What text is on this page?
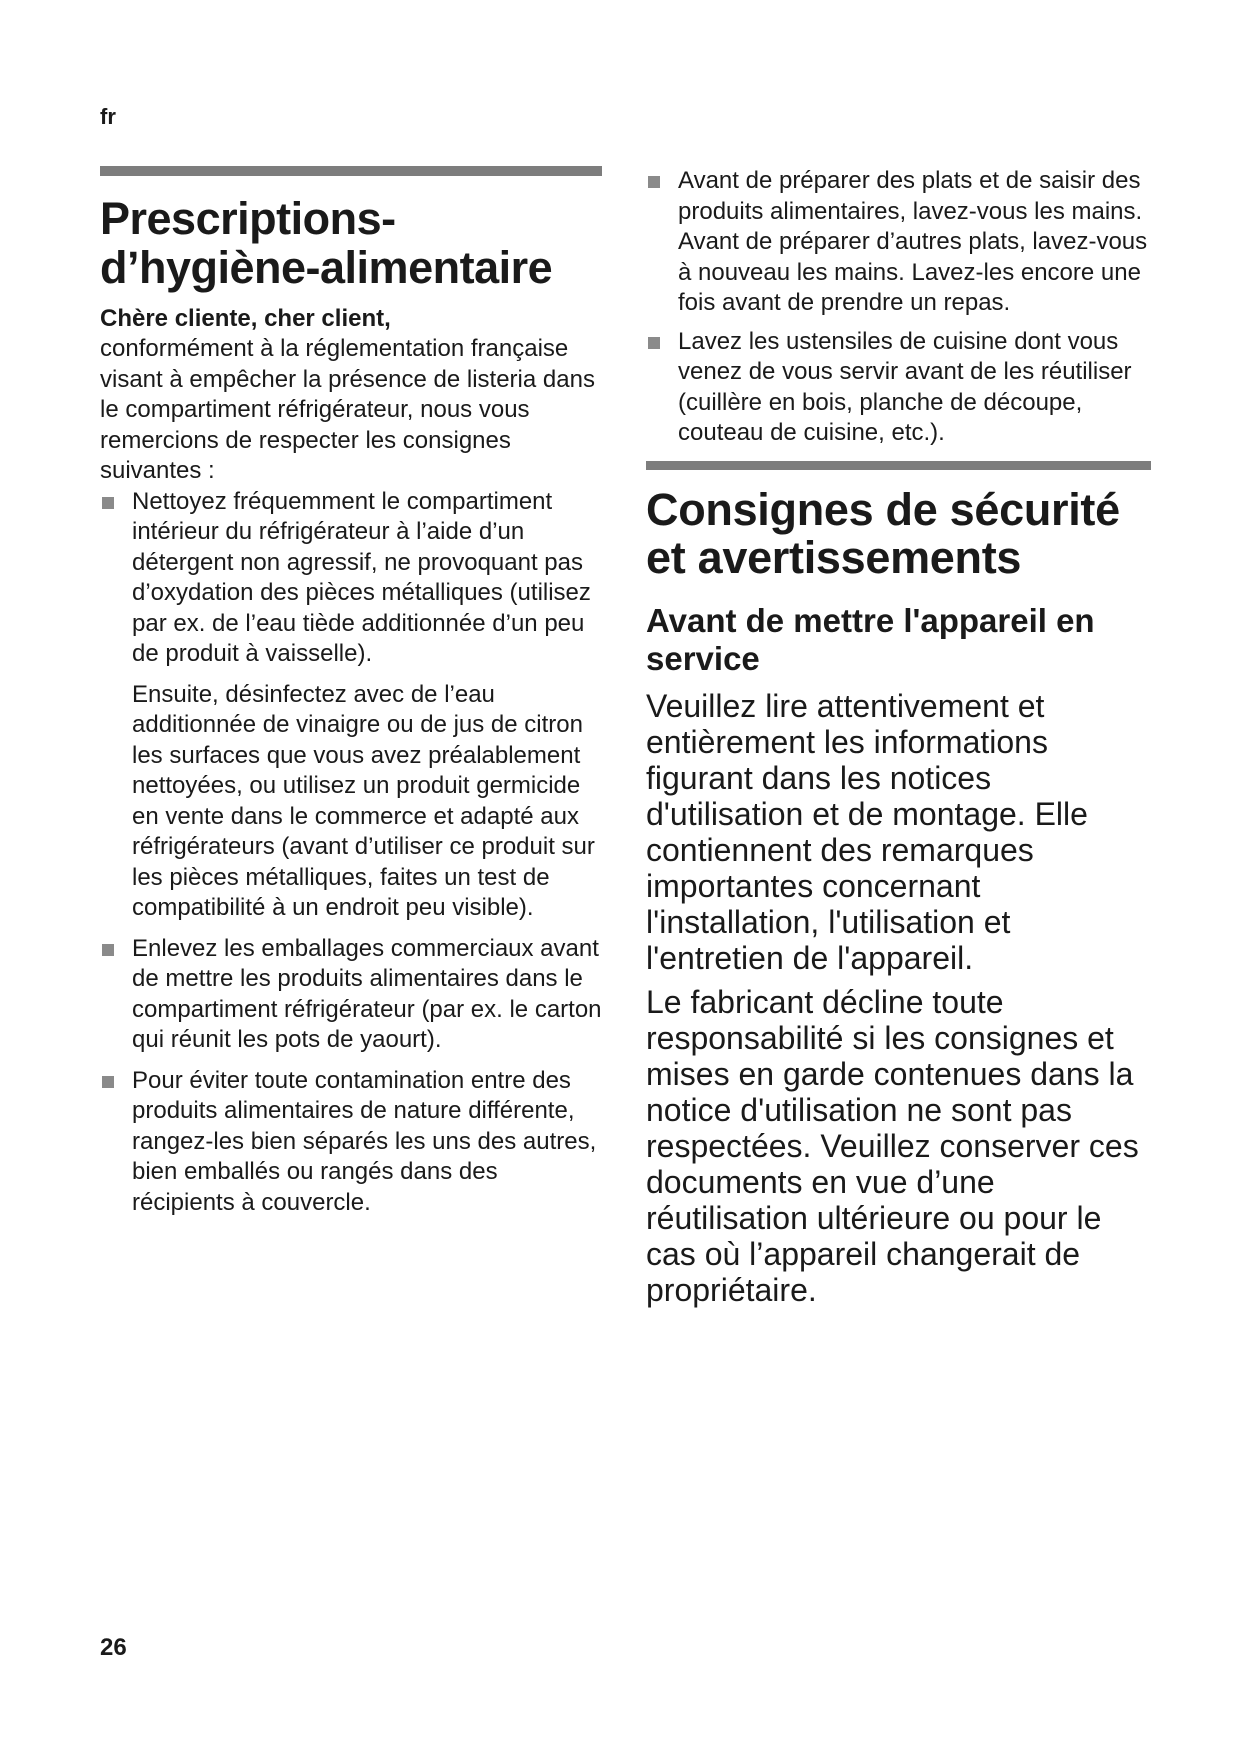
fr
Prescriptions-
d’hygiène-alimentaire
Chère cliente, cher client,
conformément à la réglementation française visant à empêcher la présence de listeria dans le compartiment réfrigérateur, nous vous remercions de respecter les consignes suivantes :
Nettoyez fréquemment le compartiment intérieur du réfrigérateur à l’aide d’un détergent non agressif, ne provoquant pas d’oxydation des pièces métalliques (utilisez par ex. de l’eau tiède additionnée d’un peu de produit à vaisselle).
Ensuite, désinfectez avec de l’eau additionnée de vinaigre ou de jus de citron les surfaces que vous avez préalablement nettoyées, ou utilisez un produit germicide en vente dans le commerce et adapté aux réfrigérateurs (avant d’utiliser ce produit sur les pièces métalliques, faites un test de compatibilité à un endroit peu visible).
Enlevez les emballages commerciaux avant de mettre les produits alimentaires dans le compartiment réfrigérateur (par ex. le carton qui réunit les pots de yaourt).
Pour éviter toute contamination entre des produits alimentaires de nature différente, rangez-les bien séparés les uns des autres, bien emballés ou rangés dans des récipients à couvercle.
Avant de préparer des plats et de saisir des produits alimentaires, lavez-vous les mains. Avant de préparer d’autres plats, lavez-vous à nouveau les mains. Lavez-les encore une fois avant de prendre un repas.
Lavez les ustensiles de cuisine dont vous venez de vous servir avant de les réutiliser (cuillère en bois, planche de découpe, couteau de cuisine, etc.).
Consignes de sécurité et avertissements
Avant de mettre l'appareil en service
Veuillez lire attentivement et entièrement les informations figurant dans les notices d'utilisation et de montage. Elle contiennent des remarques importantes concernant l'installation, l'utilisation et l'entretien de l'appareil.
Le fabricant décline toute responsabilité si les consignes et mises en garde contenues dans la notice d'utilisation ne sont pas respectées. Veuillez conserver ces documents en vue d’une réutilisation ultérieure ou pour le cas où l’appareil changerait de propriétaire.
26
